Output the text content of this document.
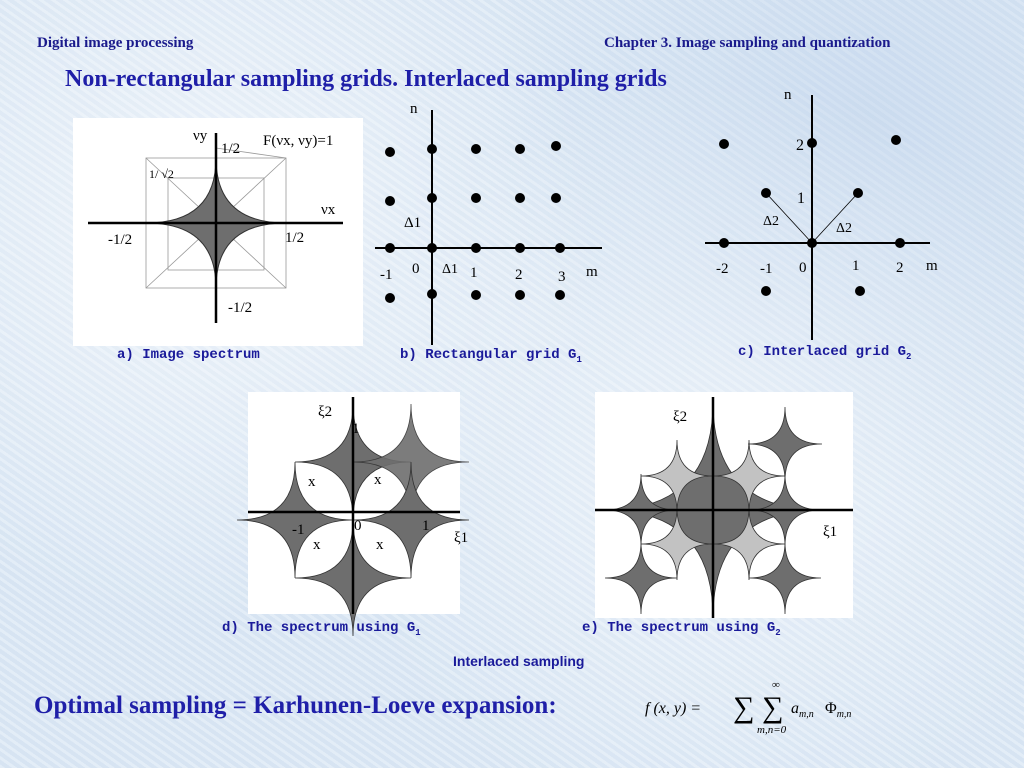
Digital image processing	Chapter 3. Image sampling and quantization
Non-rectangular sampling grids. Interlaced sampling grids
νy
1/2 F(νx, νy)=1
1/ √2
νx
-1/2	1/2
-1/2
a) Image spectrum
n
m
Δ1
Δ1
-1 0	1	2 3
b) Rectangular grid $G_1$
n
m
2
1
Δ2	Δ2
-2 -1 0	1 2
c) Interlaced grid $G_2$
ξ2
1
x	x
-1	0	1
ξ1
x	x
d) The spectrum using $G_1$
ξ2
ξ1
e) The spectrum using $G_2$
Interlaced sampling
Optimal sampling = Karhunen-Loeve expansion:	f (x, y) = ∑ ∑
∞
m,n=0
$a_{m,n}$ $\Phi_{m,n}$
